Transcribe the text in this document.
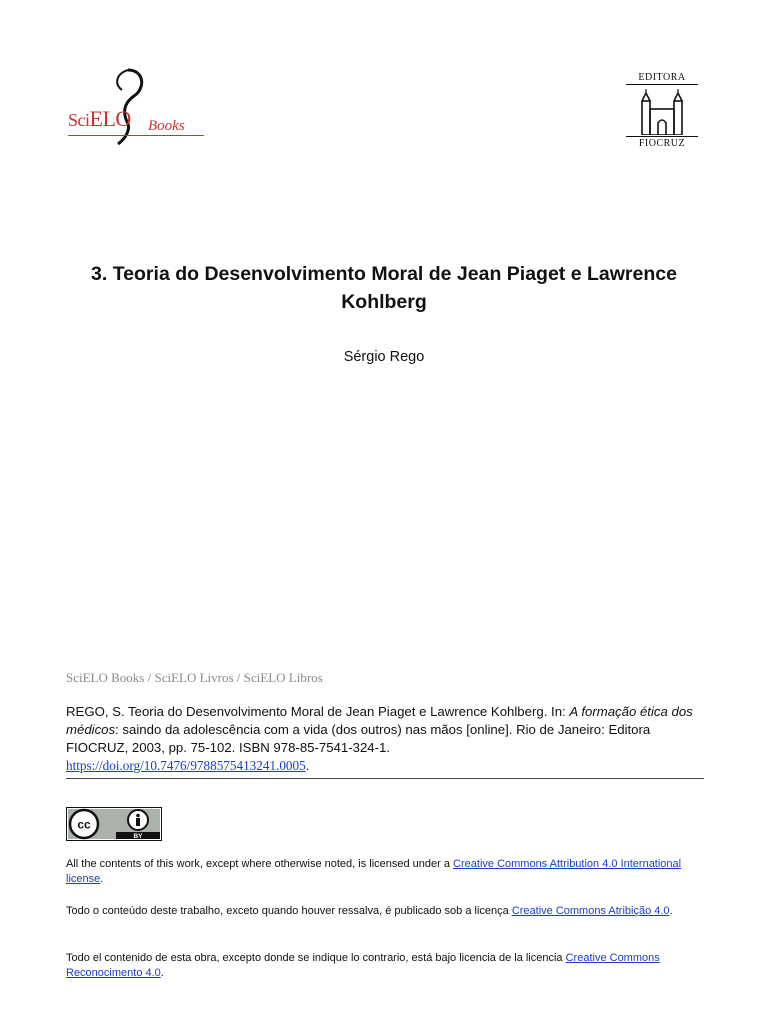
SciELO Books
EDITORA
FIOCRUZ
3. Teoria do Desenvolvimento Moral de Jean Piaget e Lawrence Kohlberg
Sérgio Rego
SciELO Books / SciELO Livros / SciELO Libros
REGO, S. Teoria do Desenvolvimento Moral de Jean Piaget e Lawrence Kohlberg. In: A formação ética dos médicos: saindo da adolescência com a vida (dos outros) nas mãos [online]. Rio de Janeiro: Editora FIOCRUZ, 2003, pp. 75-102. ISBN 978-85-7541-324-1.
https://doi.org/10.7476/9788575413241.0005.
cc
BY
All the contents of this work, except where otherwise noted, is licensed under a Creative Commons Attribution 4.0 International license.
Todo o conteúdo deste trabalho, exceto quando houver ressalva, é publicado sob a licença Creative Commons Atribição 4.0.
Todo el contenido de esta obra, excepto donde se indique lo contrario, está bajo licencia de la licencia Creative Commons Reconocimento 4.0.
